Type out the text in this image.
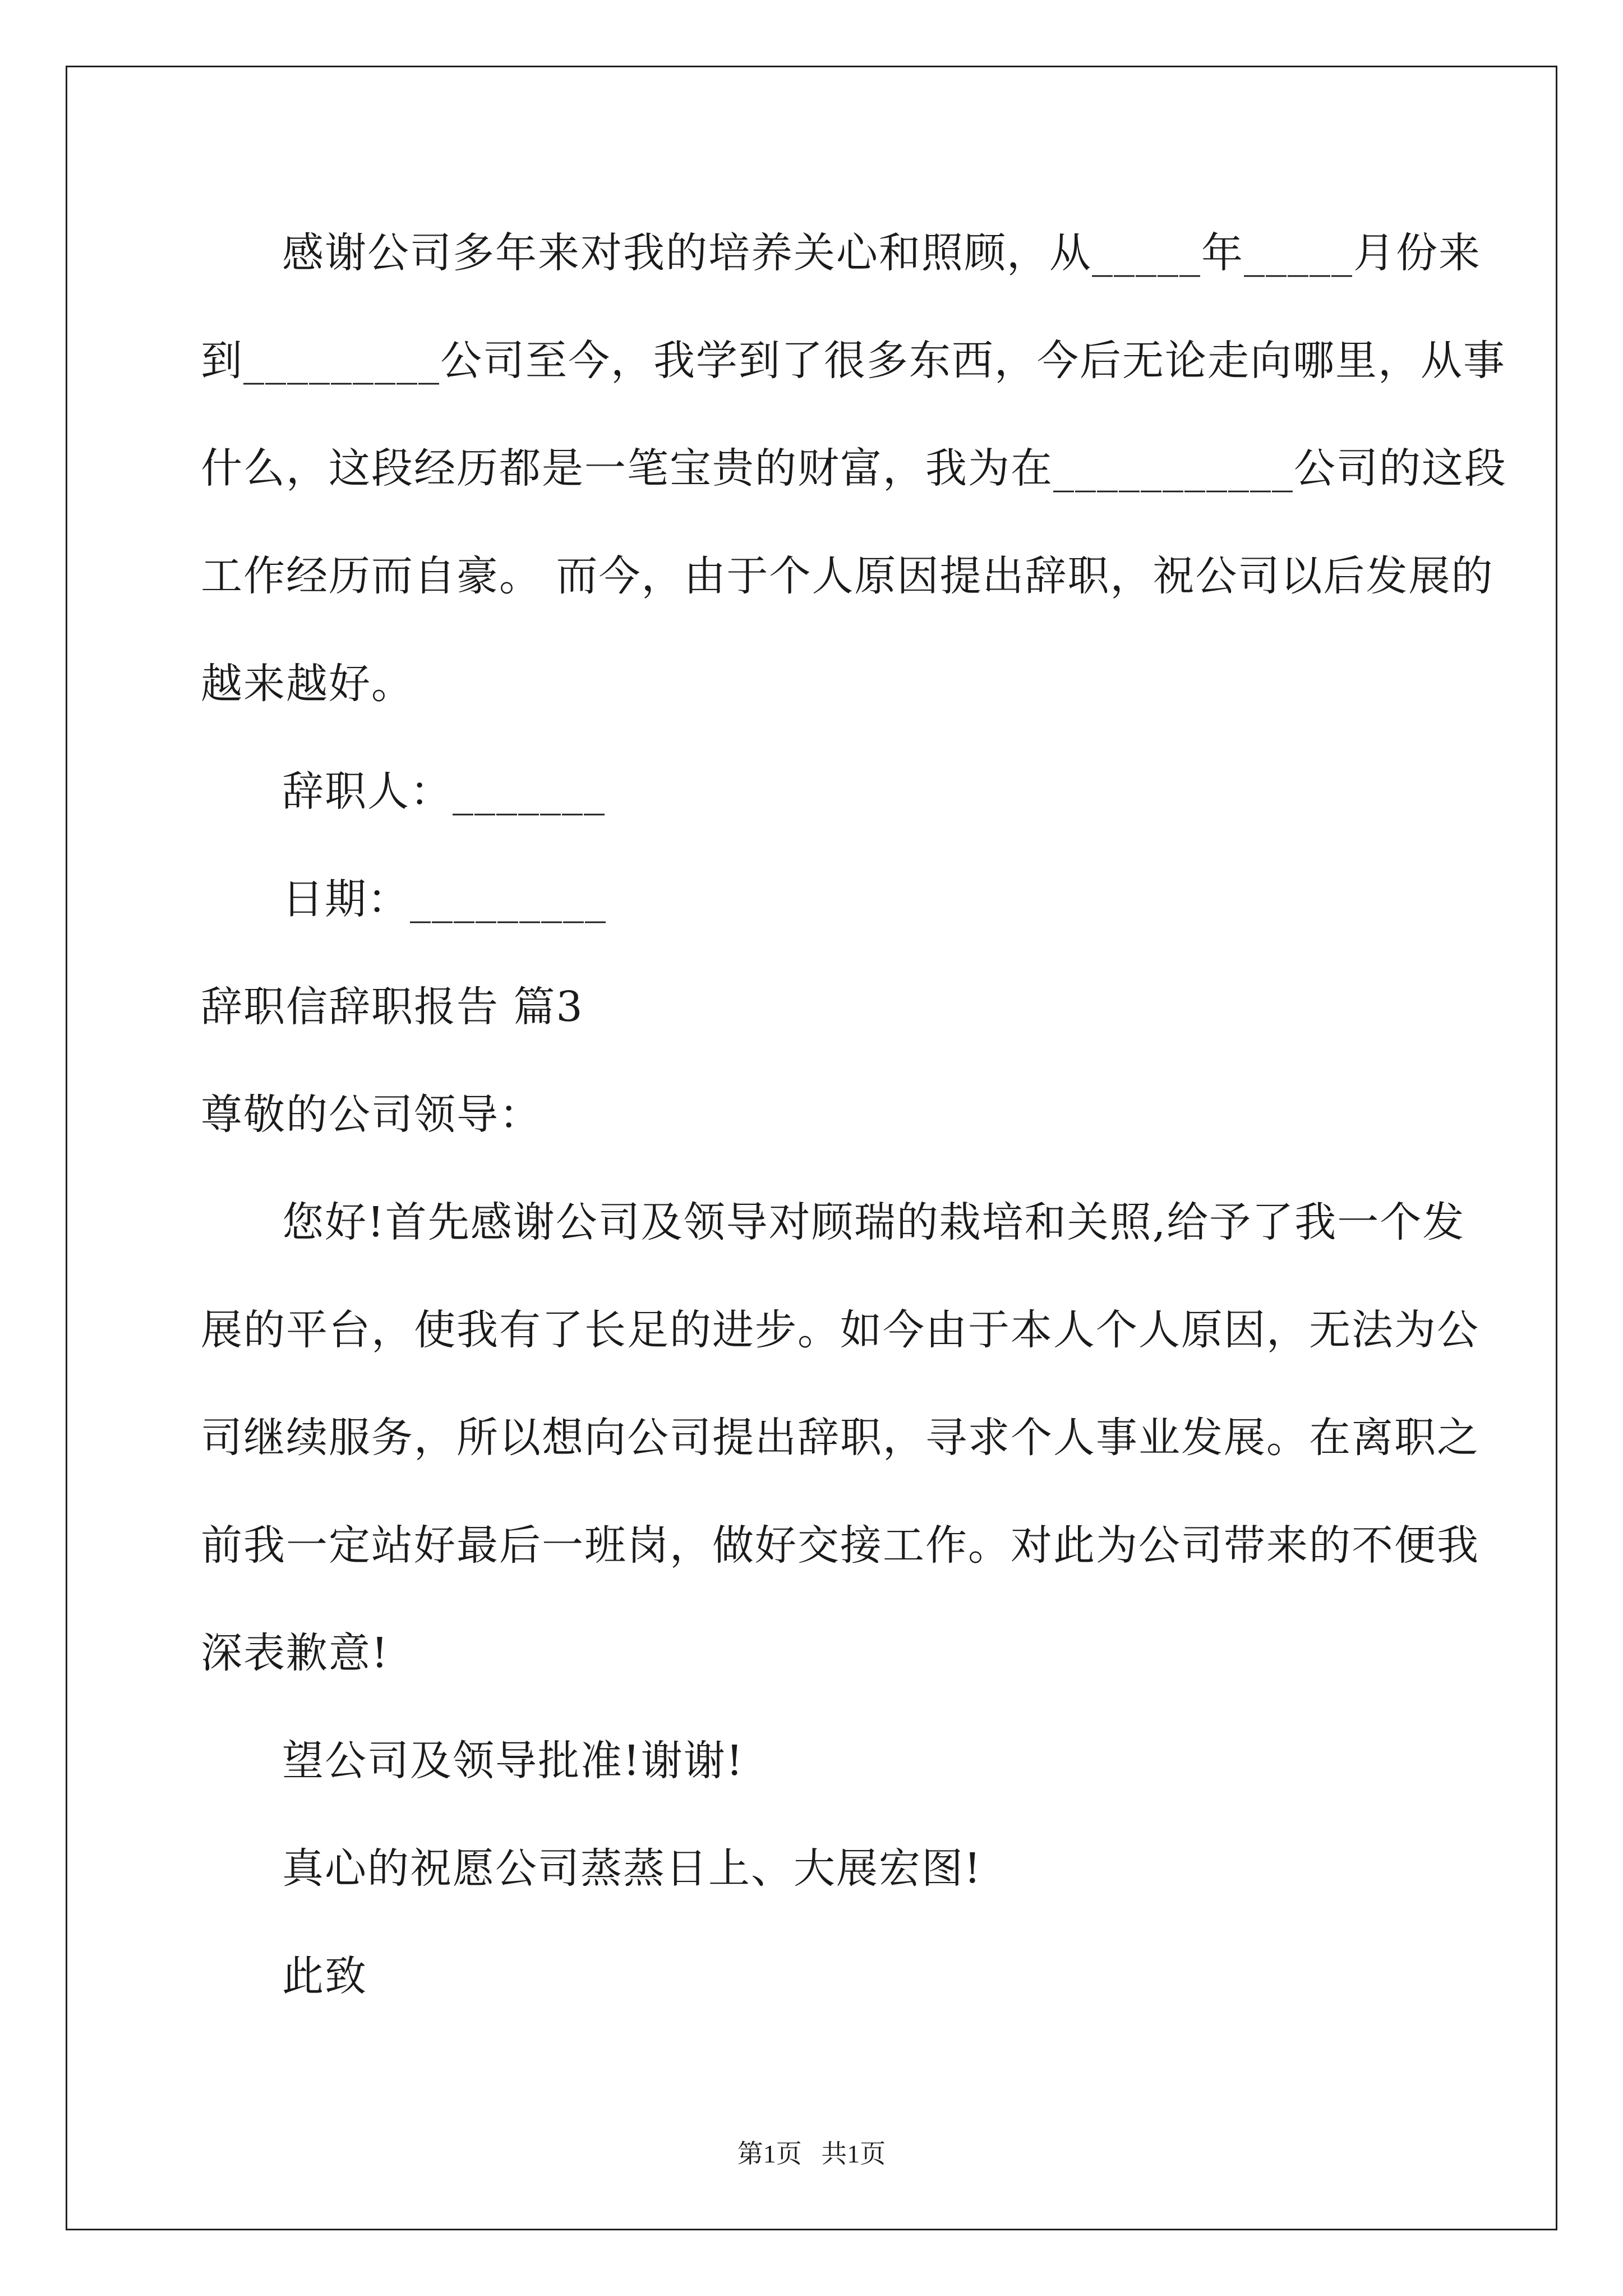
感谢公司多年来对我的培养关心和照顾，从_____年_____月份来
到_________公司至今，我学到了很多东西，今后无论走向哪里，从事
什么，这段经历都是一笔宝贵的财富，我为在___________公司的这段
工作经历而自豪。 而今，由于个人原因提出辞职，祝公司以后发展的
越来越好。
辞职人：_______
日期：_________
辞职信辞职报告 篇3
尊敬的公司领导：
您好!首先感谢公司及领导对顾瑞的栽培和关照,给予了我一个发
展的平台，使我有了长足的进步。如今由于本人个人原因，无法为公
司继续服务，所以想向公司提出辞职，寻求个人事业发展。在离职之
前我一定站好最后一班岗，做好交接工作。对此为公司带来的不便我
深表歉意!
望公司及领导批准!谢谢!
真心的祝愿公司蒸蒸日上、大展宏图!
此致
第1页   共1页
